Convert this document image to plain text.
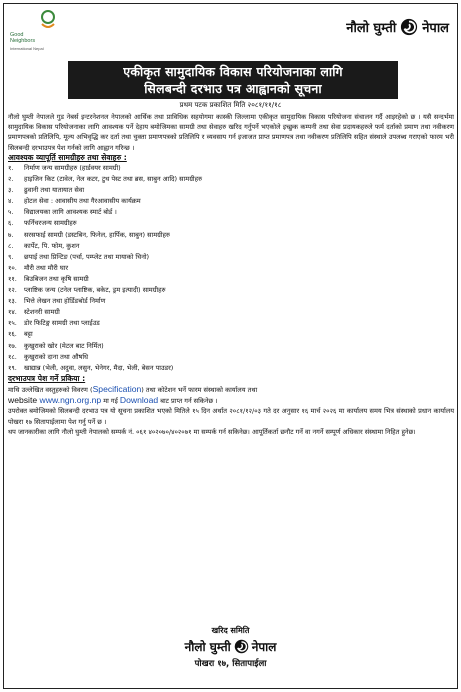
Good
Neighbors
International Nepal
नौलो घुम्ती नेपाल
एकीकृत सामुदायिक विकास परियोजनाका लागि
सिलबन्दी दरभाउ पत्र आह्वानको सूचना
प्रथम पटक प्रकाशित मिति २०८१/११/१८

नौलो घुम्ती नेपालले गुड नेबर्स इन्टरनेशनल नेपालको आर्थिक तथा प्राविधिक सहयोगमा कास्की जिल्लामा एकीकृत सामुदायिक विकास परियोजना संचालन गर्दै आइरहेको छ । यसै सन्दर्भमा सामुदायिक विकास परियोजनाका लागि आवश्यक पर्ने देहाय बमोजिमका सामग्री तथा सेवाहरु खरिद गर्नुपर्ने भएकोले इच्छुक कम्पनी तथा सेवा प्रदायकहरुले फर्म दर्ताको प्रमाण तथा नवीकरण प्रमाणपत्रको प्रतिलिपि, मूल्य अभिवृद्धि कर दर्ता तथा चुक्ता प्रमाणपत्रको प्रतिलिपि र व्यवसाय गर्न इजाजत प्राप्त प्रमाणपत्र तथा नवीकरण प्रतिलिपि सहित संस्थाले उपलब्ध गराएको फारम भरी सिलबन्दी दरभाउपत्र पेश गर्नको लागि आह्वान गरिन्छ ।

आवश्यक व्यापूर्ति सामग्रीहरु तथा सेवाहरु :

१.	निर्माण जन्य सामग्रीहरु (हार्डवयर सामग्री)
२.	हाइजिन किट (टावेल, नेल कटर, टुथ पेस्ट तथा ब्रस, साबुन आदि) सामग्रीहरु
३.	ढुवानी तथा यातायात सेवा
४.	होटल सेवा : आवासीय तथा गैरआवासीय कार्यक्रम
५.	विद्यालयका लागि आवश्यक स्मार्ट बोर्ड ।
६.	फर्निचरजन्य सामग्रीहरु
७.	सरसफाई सामग्री (डस्टबिन, फिनेल, हार्पिक, साबुन) सामग्रीहरु
८.	कार्पेट, पि. फोम, कुशन
९.	छपाई तथा प्रिन्टिङ (पर्चा, पम्प्लेट तथा मायाको चिनो)
१०.	मौरी तथा मौरी घार
११.	बिउबिजन तथा कृषि सामग्री
१२.	प्लाष्टिक जन्य (टनेल प्लाष्टिक, बकेट, ड्रम इत्यादी) सामग्रीहरु
१३.	भित्ते लेखन तथा होर्डिङबोर्ड निर्माण
१४.	स्टेशनरी सामग्री
१५.	डोर फिटिङ्ग सामग्री तथा प्लाईउड
१६.	बट्टा
१७.	कुखुराको खोर (मेटल बाट निर्मित)
१८.	कुखुराको दाना तथा औषधि
१९.	खाद्यान्न (भेली, अदुवा, लसुन, भेनेगर, मैदा, भेली, बेसन पाउडर)

दरभाउपत्र पेश गर्ने प्रकिया :

माथि उल्लेखित वस्तुहरुको विवरण (Specification) तथा कोटेशन भर्ने फारम संस्थाको कार्यालय तथा

website www.ngn.org.np मा गई Download बाट प्राप्त गर्न सकिनेछ ।

उपरोक्त बमोजिमको सिलबन्दी दरभाउ पत्र यो सूचना प्रकाशित भएको मितिले १५ दिन अर्थात २०८१/१२/०३ गते दर अनुसार १६ मार्च २०२६ मा कार्यालय समय भित्र संस्थाको प्रधान कार्यालय पोखरा १७ सिताप‍ाईलामा पेश गर्नु पर्ने छ ।

थप जानकारीका लागि नौलो घुम्ती नेपालको सम्पर्क नं. ०६१ ४०२०७०/४०२०७१ मा सम्पर्क गर्न सकिनेछ। आपूर्तिकर्ता छनौट गर्ने वा नगर्ने सम्पूर्ण अधिकार संस्थामा निहित हुनेछ।

खरिद समिति
नौलो घुम्ती नेपाल
पोखरा १७, सिताप‍ाईला
